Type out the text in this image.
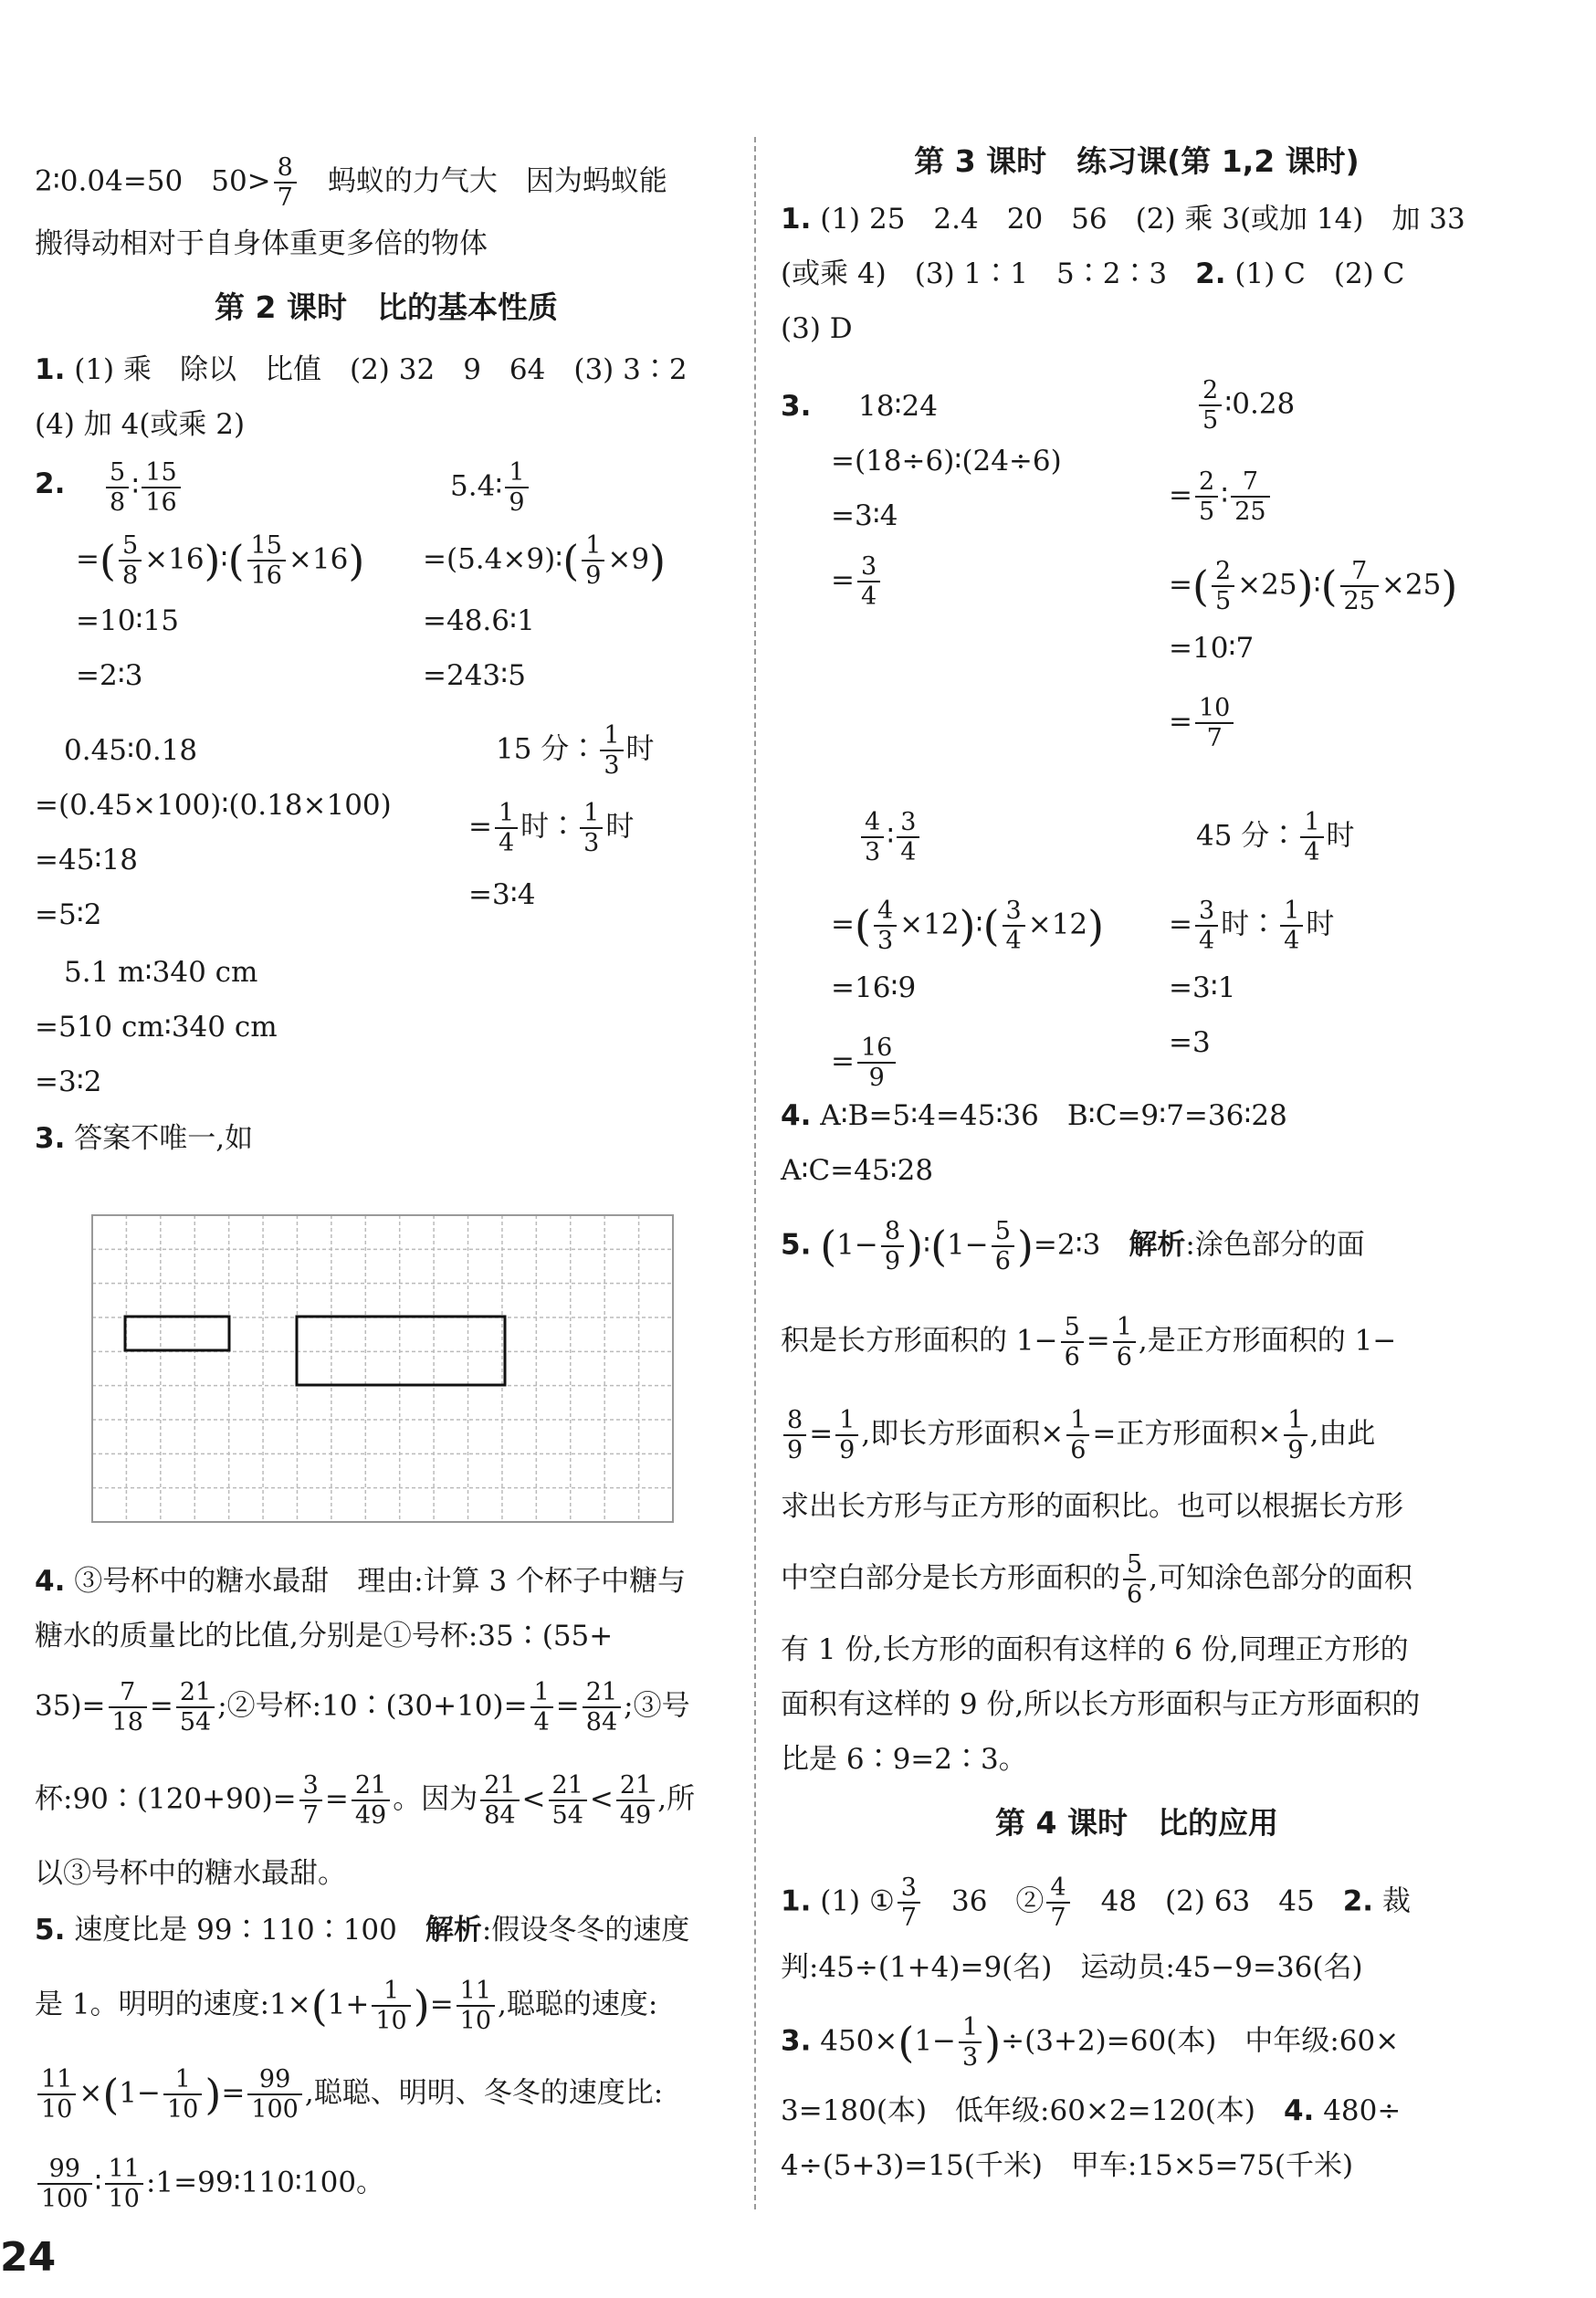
2∶0.04=50　$50> \frac{8}{7}$ 　蚂蚁的力气大　因为蚂蚁能
搬得动相对于自身体重更多倍的物体
第 2 课时　比的基本性质
1. (1) 乘　除以　比值　(2) 32　9　64　(3) 3∶2
(4) 加 4(或乘 2)
2. $\frac{5}{8}$ ∶ $\frac{15}{16}$
=( $\frac{5}{8}$ ×16)∶( $\frac{15}{16} \times 16$)
=10∶15
=2∶3
5.4∶ $\frac{1}{9}$
=(5.4×9)∶( $\frac{1}{9} \times 9$)
=48.6∶1
=243∶5
0.45∶0.18
=(0.45×100)∶(0.18×100)
=45∶18
=5∶2
15 分∶ $\frac{1}{3}$ 时
= $\frac{1}{4}$ 时∶ $\frac{1}{3}$ 时
=3∶4
5.1 m∶340 cm
=510 cm∶340 cm
=3∶2
3. 答案不唯一,如
4. ③号杯中的糖水最甜　理由:计算 3 个杯子中糖与
糖水的质量比的比值,分别是①号杯:35∶(55+
$35)= \frac{7}{18} = \frac{21}{54}$ ;②号杯:10∶(30+10)= $\frac{1}{4} = \frac{21}{84}$ ;③号
杯:90∶(120+90)= $\frac{3}{7} = \frac{21}{49}$ 。因为 $\frac{21}{84} < \frac{21}{54} < \frac{21}{49}$ ,所
以③号杯中的糖水最甜。
5. 速度比是 99∶110∶100　 解析:假设冬冬的速度
是 1。明明的速度:1×(1+ $\frac{1}{10}$ )= $\frac{11}{10}$ ,聪聪的速度:
$\frac{11}{10} \times(1- \frac{1}{10}$ )= $\frac{99}{100}$ ,聪聪、明明、冬冬的速度比:
$\frac{99}{100}$ ∶ $\frac{11}{10}$ :1=99∶110∶100。
第 3 课时　练习课(第 1,2 课时)
1. (1) 25　2.4　20　56　(2) 乘 3(或加 14)　加 33
(或乘 4)　(3) 1∶1　5∶2∶3　 2. (1) C　(2) C
(3) D
3. 18∶24
=(18÷6)∶(24÷6)
=3∶4
= $\frac{3}{4}$
$\frac{2}{5}$ ∶0.28
= $\frac{2}{5}$ ∶ $\frac{7}{25}$
=( $\frac{2}{5}$ ×25)∶( $\frac{7}{25} \times 25$)
=10∶7
= $\frac{10}{7}$
$\frac{4}{3}$ ∶ $\frac{3}{4}$
=( $\frac{4}{3}$ ×12)∶( $\frac{3}{4} \times 12$)
=16∶9
= $\frac{16}{9}$
45 分∶ $\frac{1}{4}$ 时
= $\frac{3}{4}$ 时∶ $\frac{1}{4}$ 时
=3∶1
=3
4. A∶B=5∶4=45∶36　B∶C=9∶7=36∶28
A∶C=45∶28
5. ($1- \frac{8}{9}$ )∶(1− $\frac{5}{6}$ )=2∶3　 解析:涂色部分的面
积是长方形面积的 $1- \frac{5}{6} = \frac{1}{6}$ ,是正方形面积的 1−
$\frac{8}{9} = \frac{1}{9}$ ,即长方形面积× $\frac{1}{6}$ =正方形面积× $\frac{1}{9}$ ,由此
求出长方形与正方形的面积比。也可以根据长方形
中空白部分是长方形面积的 $\frac{5}{6}$ ,可知涂色部分的面积
有 1 份,长方形的面积有这样的 6 份,同理正方形的
面积有这样的 9 份,所以长方形面积与正方形面积的
比是 6∶9=2∶3。
第 4 课时　比的应用
1. (1) ① $\frac{3}{7}$
　 36　② $\frac{4}{7}$
　 48　(2) 63　45　 2. 裁
判:45÷(1+4)=9(名)　运动员:45−9=36(名)
3. $450\times(1- \frac{1}{3} )\div(3+2)=60$(本)　中年级:60×
3=180(本)　低年级:60×2=120(本)　 4. 480÷
4÷(5+3)=15(千米)　甲车:15×5=75(千米)
24
